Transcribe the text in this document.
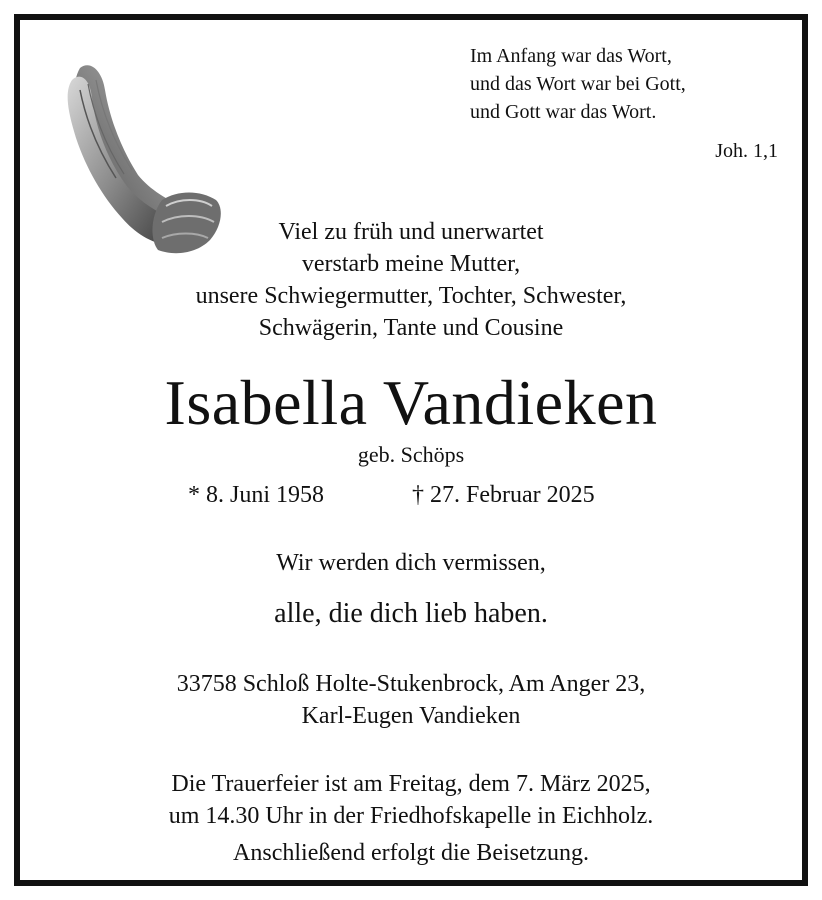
Im Anfang war das Wort,
und das Wort war bei Gott,
und Gott war das Wort.
Joh. 1,1
Viel zu früh und unerwartet
verstarb meine Mutter,
unsere Schwiegermutter, Tochter, Schwester,
Schwägerin, Tante und Cousine
Isabella Vandieken
geb. Schöps
* 8. Juni 1958	† 27. Februar 2025
Wir werden dich vermissen,
alle, die dich lieb haben.
33758 Schloß Holte-Stukenbrock, Am Anger 23,
Karl-Eugen Vandieken
Die Trauerfeier ist am Freitag, dem 7. März 2025,
um 14.30 Uhr in der Friedhofskapelle in Eichholz.
Anschließend erfolgt die Beisetzung.
